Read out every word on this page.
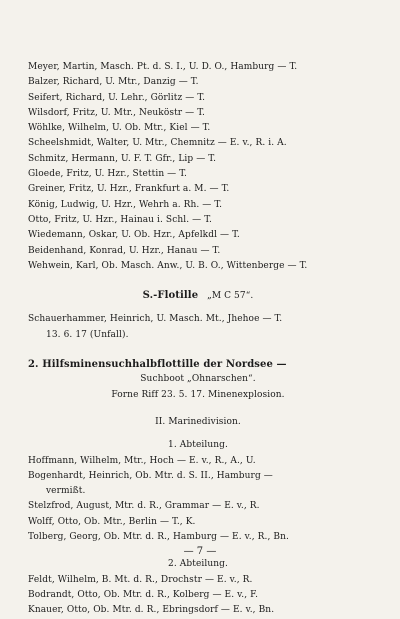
Meyer, Martin, Masch. Pt. d. S. I., U. D. O., Hamburg — T.
Balzer, Richard, U. Mtr., Danzig — T.
Seifert, Richard, U. Lehr., Görlitz — T.
Wilsdorf, Fritz, U. Mtr., Neuköstr — T.
Wöhlke, Wilhelm, U. Ob. Mtr., Kiel — T.
Scheelshmidt, Walter, U. Mtr., Chemnitz — E. v., R. i. A.
Schmitz, Hermann, U. F. T. Gfr., Lip — T.
Gloede, Fritz, U. Hzr., Stettin — T.
Greiner, Fritz, U. Hzr., Frankfurt a. M. — T.
König, Ludwig, U. Hzr., Wehrh a. Rh. — T.
Otto, Fritz, U. Hzr., Hainau i. Schl. — T.
Wiedemann, Oskar, U. Ob. Hzr., Apfelkdl — T.
Beidenhand, Konrad, U. Hzr., Hanau — T.
Wehwein, Karl, Ob. Masch. Anw., U. B. O., Wittenberge — T.
S.-Flotille „M C 57“.
Schauerhammer, Heinrich, U. Masch. Mt., Jhehoe — T.
13. 6. 17 (Unfall).
2. Hilfsminensuchhalbflottille der Nordsee —
Suchboot „Ohnarschen“.
Forne Riff 23. 5. 17. Minenexplosion.
II. Marinedivision.
1. Abteilung.
Hoffmann, Wilhelm, Mtr., Hoch — E. v., R., A., U.
Bogenhardt, Heinrich, Ob. Mtr. d. S. II., Hamburg —
vermißt.
Stelzfrod, August, Mtr. d. R., Grammar — E. v., R.
Wolff, Otto, Ob. Mtr., Berlin — T., K.
Tolberg, Georg, Ob. Mtr. d. R., Hamburg — E. v., R., Bn.
2. Abteilung.
Feldt, Wilhelm, B. Mt. d. R., Drochstr — E. v., R.
Bodrandt, Otto, Ob. Mtr. d. R., Kolberg — E. v., F.
Knauer, Otto, Ob. Mtr. d. R., Ebringsdorf — E. v., Bn.
— 7 —
